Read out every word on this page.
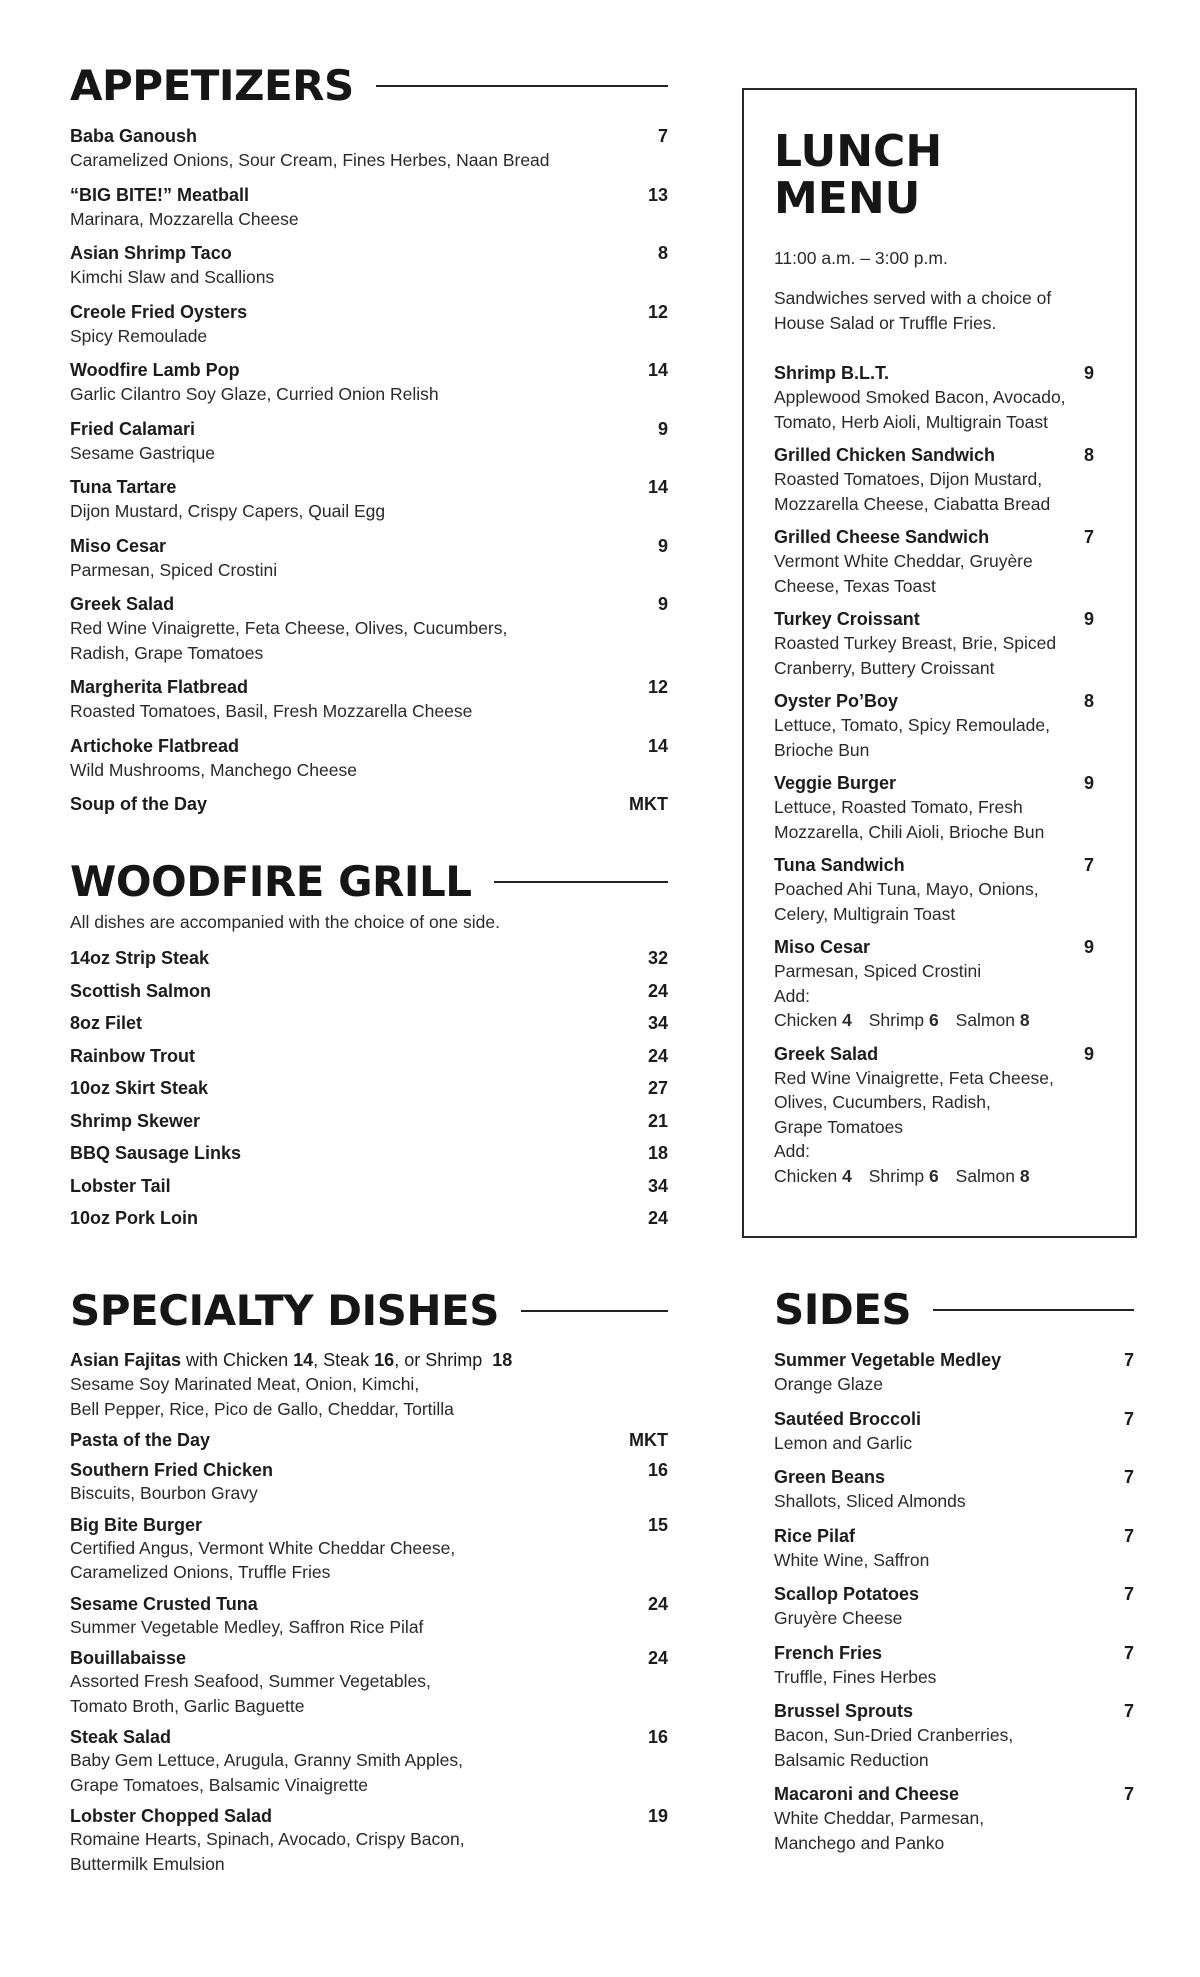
APPETIZERS
Baba Ganoush	7
Caramelized Onions, Sour Cream, Fines Herbes, Naan Bread
“BIG BITE!” Meatball	13
Marinara, Mozzarella Cheese
Asian Shrimp Taco	8
Kimchi Slaw and Scallions
Creole Fried Oysters	12
Spicy Remoulade
Woodfire Lamb Pop	14
Garlic Cilantro Soy Glaze, Curried Onion Relish
Fried Calamari	9
Sesame Gastrique
Tuna Tartare	14
Dijon Mustard, Crispy Capers, Quail Egg
Miso Cesar	9
Parmesan, Spiced Crostini
Greek Salad	9
Red Wine Vinaigrette, Feta Cheese, Olives, Cucumbers,
Radish, Grape Tomatoes
Margherita Flatbread	12
Roasted Tomatoes, Basil, Fresh Mozzarella Cheese
Artichoke Flatbread	14
Wild Mushrooms, Manchego Cheese
Soup of the Day	MKT
WOODFIRE GRILL

All dishes are accompanied with the choice of one side.

14oz Strip Steak	32
Scottish Salmon	24
8oz Filet	34
Rainbow Trout	24
10oz Skirt Steak	27
Shrimp Skewer	21
BBQ Sausage Links	18
Lobster Tail	34
10oz Pork Loin	24
SPECIALTY DISHES
Asian Fajitas with Chicken 14, Steak 16, or Shrimp  18
Sesame Soy Marinated Meat, Onion, Kimchi,
Bell Pepper, Rice, Pico de Gallo, Cheddar, Tortilla
Pasta of the Day	MKT
Southern Fried Chicken	16
Biscuits, Bourbon Gravy
Big Bite Burger	15
Certified Angus, Vermont White Cheddar Cheese,
Caramelized Onions, Truffle Fries
Sesame Crusted Tuna	24
Summer Vegetable Medley, Saffron Rice Pilaf
Bouillabaisse	24
Assorted Fresh Seafood, Summer Vegetables,
Tomato Broth, Garlic Baguette
Steak Salad	16
Baby Gem Lettuce, Arugula, Granny Smith Apples,
Grape Tomatoes, Balsamic Vinaigrette
Lobster Chopped Salad	19
Romaine Hearts, Spinach, Avocado, Crispy Bacon,
Buttermilk Emulsion
LUNCH
MENU

11:00 a.m. – 3:00 p.m.

Sandwiches served with a choice of
House Salad or Truffle Fries.

Shrimp B.L.T.	9
Applewood Smoked Bacon, Avocado,
Tomato, Herb Aioli, Multigrain Toast
Grilled Chicken Sandwich	8
Roasted Tomatoes, Dijon Mustard,
Mozzarella Cheese, Ciabatta Bread
Grilled Cheese Sandwich	7
Vermont White Cheddar, Gruyère
Cheese, Texas Toast
Turkey Croissant	9
Roasted Turkey Breast, Brie, Spiced
Cranberry, Buttery Croissant
Oyster Po’Boy	8
Lettuce, Tomato, Spicy Remoulade,
Brioche Bun
Veggie Burger	9
Lettuce, Roasted Tomato, Fresh
Mozzarella, Chili Aioli, Brioche Bun
Tuna Sandwich	7
Poached Ahi Tuna, Mayo, Onions,
Celery, Multigrain Toast
Miso Cesar	9
Parmesan, Spiced Crostini
Add:
Chicken 4 Shrimp 6 Salmon 8
Greek Salad	9
Red Wine Vinaigrette, Feta Cheese,
Olives, Cucumbers, Radish,
Grape Tomatoes
Add:
Chicken 4 Shrimp 6 Salmon 8
SIDES
Summer Vegetable Medley	7
Orange Glaze
Sautéed Broccoli	7
Lemon and Garlic
Green Beans	7
Shallots, Sliced Almonds
Rice Pilaf	7
White Wine, Saffron
Scallop Potatoes	7
Gruyère Cheese
French Fries	7
Truffle, Fines Herbes
Brussel Sprouts	7
Bacon, Sun-Dried Cranberries,
Balsamic Reduction
Macaroni and Cheese	7
White Cheddar, Parmesan,
Manchego and Panko
